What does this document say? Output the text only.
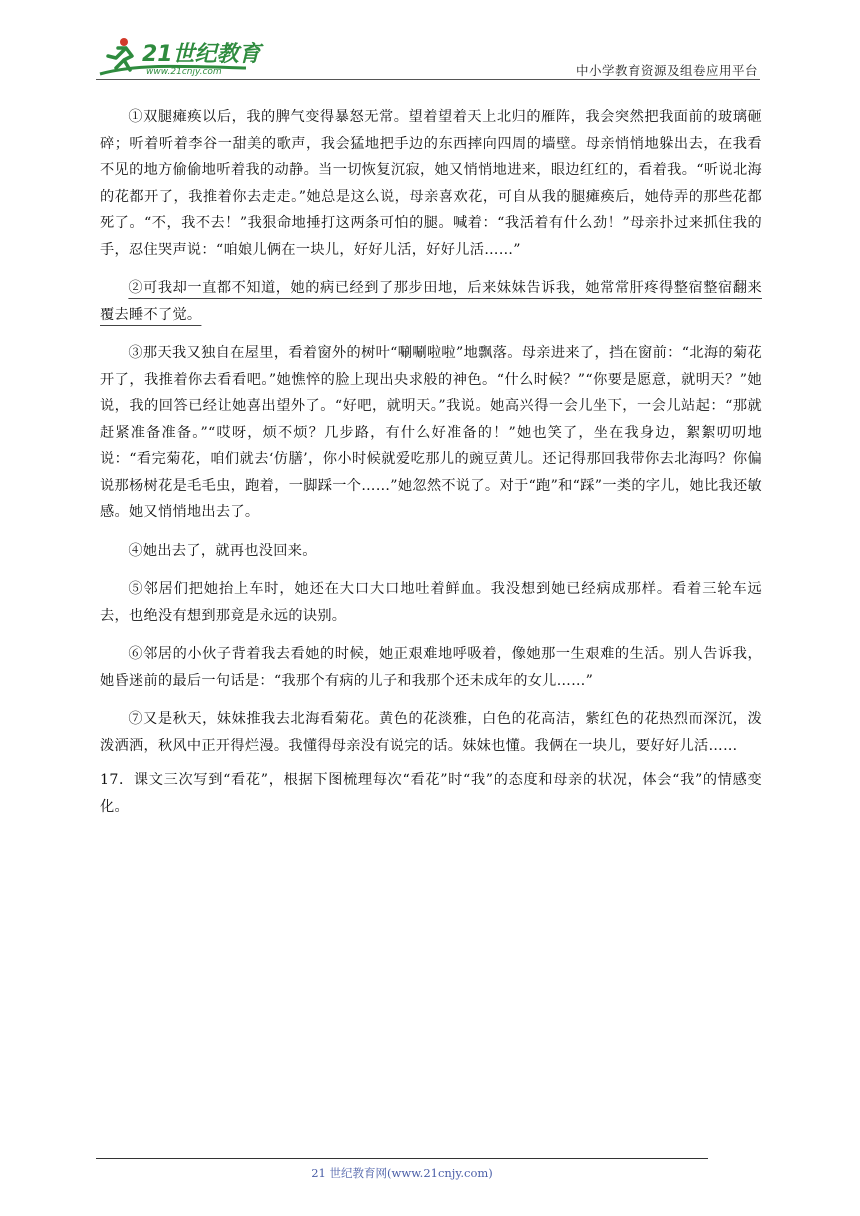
21世纪教育
www.21cnjy.com	中小学教育资源及组卷应用平台

①双腿瘫痪以后，我的脾气变得暴怒无常。望着望着天上北归的雁阵，我会突然把我面前的玻璃砸碎；听着听着李谷一甜美的歌声，我会猛地把手边的东西摔向四周的墙壁。母亲悄悄地躲出去，在我看不见的地方偷偷地听着我的动静。当一切恢复沉寂，她又悄悄地进来，眼边红红的，看着我。“听说北海的花都开了，我推着你去走走。”她总是这么说，母亲喜欢花，可自从我的腿瘫痪后，她侍弄的那些花都死了。“不，我不去！”我狠命地捶打这两条可怕的腿。喊着：“我活着有什么劲！”母亲扑过来抓住我的手，忍住哭声说：“咱娘儿俩在一块儿，好好儿活，好好儿活……”

②可我却一直都不知道，她的病已经到了那步田地，后来妹妹告诉我，她常常肝疼得整宿整宿翻来覆去睡不了觉。

③那天我又独自在屋里，看着窗外的树叶“唰唰啦啦”地飘落。母亲进来了，挡在窗前：“北海的菊花开了，我推着你去看看吧。”她憔悴的脸上现出央求般的神色。“什么时候？”“你要是愿意，就明天？”她说，我的回答已经让她喜出望外了。“好吧，就明天。”我说。她高兴得一会儿坐下，一会儿站起：“那就赶紧准备准备。”“哎呀，烦不烦？几步路，有什么好准备的！”她也笑了，坐在我身边，絮絮叨叨地说：“看完菊花，咱们就去‘仿膳’，你小时候就爱吃那儿的豌豆黄儿。还记得那回我带你去北海吗？你偏说那杨树花是毛毛虫，跑着，一脚踩一个……”她忽然不说了。对于“跑”和“踩”一类的字儿，她比我还敏感。她又悄悄地出去了。

④她出去了，就再也没回来。

⑤邻居们把她抬上车时，她还在大口大口地吐着鲜血。我没想到她已经病成那样。看着三轮车远去，也绝没有想到那竟是永远的诀别。

⑥邻居的小伙子背着我去看她的时候，她正艰难地呼吸着，像她那一生艰难的生活。别人告诉我，她昏迷前的最后一句话是：“我那个有病的儿子和我那个还未成年的女儿……”

⑦又是秋天，妹妹推我去北海看菊花。黄色的花淡雅，白色的花高洁，紫红色的花热烈而深沉，泼泼洒洒，秋风中正开得烂漫。我懂得母亲没有说完的话。妹妹也懂。我俩在一块儿，要好好儿活……

17．课文三次写到“看花”，根据下图梳理每次“看花”时“我”的态度和母亲的状况，体会“我”的情感变化。

21 世纪教育网(www.21cnjy.com)
